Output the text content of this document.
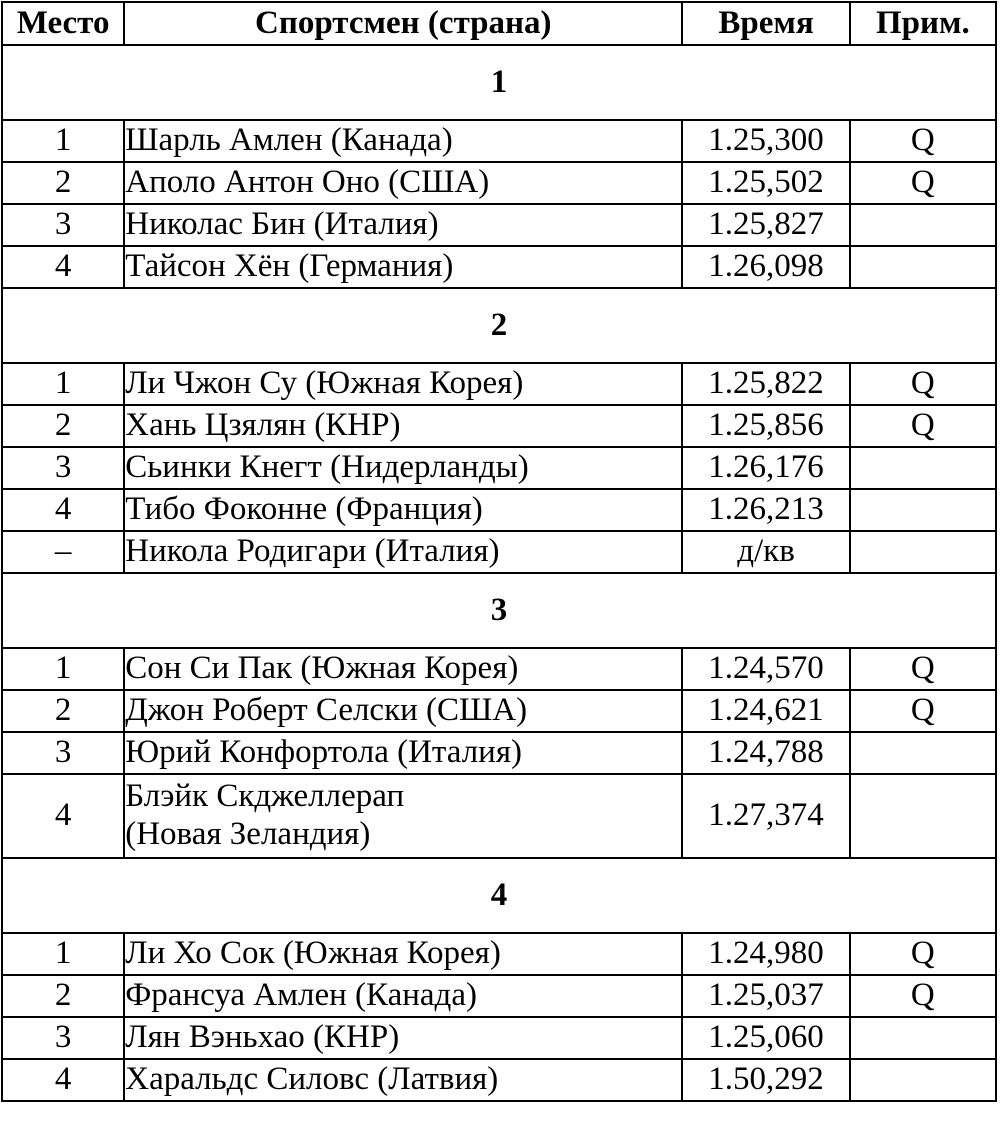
Место	Спортсмен (страна)	Время	Прим.
1			
1	Шарль Амлен (Канада)	1.25,300	Q
2	Аполо Антон Оно (США)	1.25,502	Q
3	Николас Бин (Италия)	1.25,827	
4	Тайсон Хён (Германия)	1.26,098	
2			
1	Ли Чжон Су (Южная Корея)	1.25,822	Q
2	Хань Цзялян (КНР)	1.25,856	Q
3	Сьинки Кнегт (Нидерланды)	1.26,176	
4	Тибо Фоконне (Франция)	1.26,213	
–	Никола Родигари (Италия)	д/кв	
3			
1	Сон Си Пак (Южная Корея)	1.24,570	Q
2	Джон Роберт Селски (США)	1.24,621	Q
3	Юрий Конфортола (Италия)	1.24,788	
4	Блэйк Скджеллерап
(Новая Зеландия)	1.27,374	
4			
1	Ли Хо Сок (Южная Корея)	1.24,980	Q
2	Франсуа Амлен (Канада)	1.25,037	Q
3	Лян Вэньхао (КНР)	1.25,060	
4	Харальдс Силовс (Латвия)	1.50,292	
